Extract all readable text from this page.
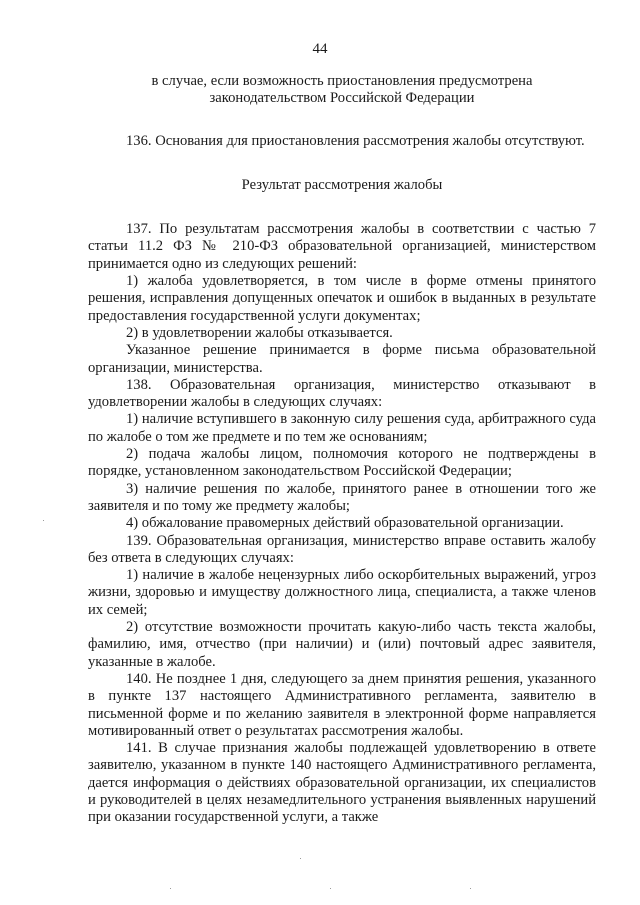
44
в случае, если возможность приостановления предусмотрена
законодательством Российской Федерации
136. Основания для приостановления рассмотрения жалобы отсутствуют.
Результат рассмотрения жалобы
137. По результатам рассмотрения жалобы в соответствии с частью 7 статьи 11.2 ФЗ № 210-ФЗ образовательной организацией, министерством принимается одно из следующих решений:
1) жалоба удовлетворяется, в том числе в форме отмены принятого решения, исправления допущенных опечаток и ошибок в выданных в результате предоставления государственной услуги документах;
2) в удовлетворении жалобы отказывается.
Указанное решение принимается в форме письма образовательной организации, министерства.
138. Образовательная организация, министерство отказывают в удовлетворении жалобы в следующих случаях:
1) наличие вступившего в законную силу решения суда, арбитражного суда по жалобе о том же предмете и по тем же основаниям;
2) подача жалобы лицом, полномочия которого не подтверждены в порядке, установленном законодательством Российской Федерации;
3) наличие решения по жалобе, принятого ранее в отношении того же заявителя и по тому же предмету жалобы;
4) обжалование правомерных действий образовательной организации.
139. Образовательная организация, министерство вправе оставить жалобу без ответа в следующих случаях:
1) наличие в жалобе нецензурных либо оскорбительных выражений, угроз жизни, здоровью и имуществу должностного лица, специалиста, а также членов их семей;
2) отсутствие возможности прочитать какую-либо часть текста жалобы, фамилию, имя, отчество (при наличии) и (или) почтовый адрес заявителя, указанные в жалобе.
140. Не позднее 1 дня, следующего за днем принятия решения, указанного в пункте 137 настоящего Административного регламента, заявителю в письменной форме и по желанию заявителя в электронной форме направляется мотивированный ответ о результатах рассмотрения жалобы.
141. В случае признания жалобы подлежащей удовлетворению в ответе заявителю, указанном в пункте 140 настоящего Административного регламента, дается информация о действиях образовательной организации, их специалистов и руководителей в целях незамедлительного устранения выявленных нарушений при оказании государственной услуги, а также
